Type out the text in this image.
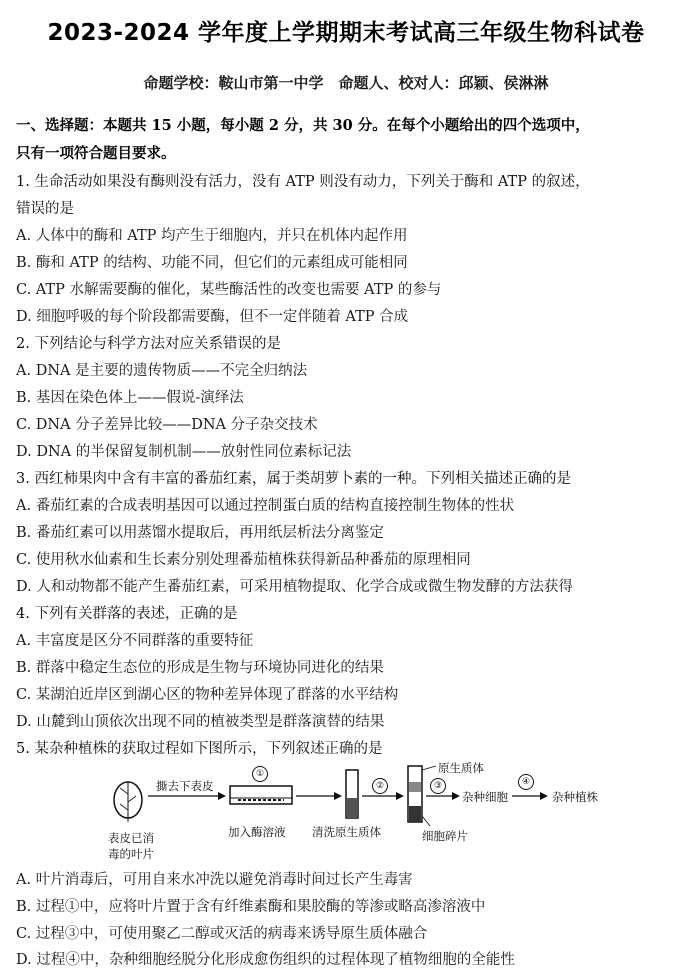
2023-2024 学年度上学期期末考试高三年级生物科试卷
命题学校：鞍山市第一中学　命题人、校对人：邱颖、侯淋淋
一、选择题：本题共 15 小题，每小题 2 分，共 30 分。在每个小题给出的四个选项中，
只有一项符合题目要求。
1. 生命活动如果没有酶则没有活力，没有 ATP 则没有动力，下列关于酶和 ATP 的叙述，
错误的是
A. 人体中的酶和 ATP 均产生于细胞内，并只在机体内起作用
B. 酶和 ATP 的结构、功能不同，但它们的元素组成可能相同
C. ATP 水解需要酶的催化，某些酶活性的改变也需要 ATP 的参与
D. 细胞呼吸的每个阶段都需要酶，但不一定伴随着 ATP 合成
2. 下列结论与科学方法对应关系错误的是
A. DNA 是主要的遗传物质——不完全归纳法
B. 基因在染色体上——假说-演绎法
C. DNA 分子差异比较——DNA 分子杂交技术
D. DNA 的半保留复制机制——放射性同位素标记法
3. 西红柿果肉中含有丰富的番茄红素，属于类胡萝卜素的一种。下列相关描述正确的是
A. 番茄红素的合成表明基因可以通过控制蛋白质的结构直接控制生物体的性状
B. 番茄红素可以用蒸馏水提取后，再用纸层析法分离鉴定
C. 使用秋水仙素和生长素分别处理番茄植株获得新品种番茄的原理相同
D. 人和动物都不能产生番茄红素，可采用植物提取、化学合成或微生物发酵的方法获得
4. 下列有关群落的表述，正确的是
A. 丰富度是区分不同群落的重要特征
B. 群落中稳定生态位的形成是生物与环境协同进化的结果
C. 某湖泊近岸区到湖心区的物种差异体现了群落的水平结构
D. 山麓到山顶依次出现不同的植被类型是群落演替的结果
5. 某杂种植株的获取过程如下图所示，下列叙述正确的是
表皮已消
毒的叶片
撕去下表皮
①
加入酶溶液 清洗原生质体
②	③
原生质体
细胞碎片
杂种细胞
④
杂种植株
A. 叶片消毒后，可用自来水冲洗以避免消毒时间过长产生毒害
B. 过程①中，应将叶片置于含有纤维素酶和果胶酶的等渗或略高渗溶液中
C. 过程③中，可使用聚乙二醇或灭活的病毒来诱导原生质体融合
D. 过程④中，杂种细胞经脱分化形成愈伤组织的过程体现了植物细胞的全能性
